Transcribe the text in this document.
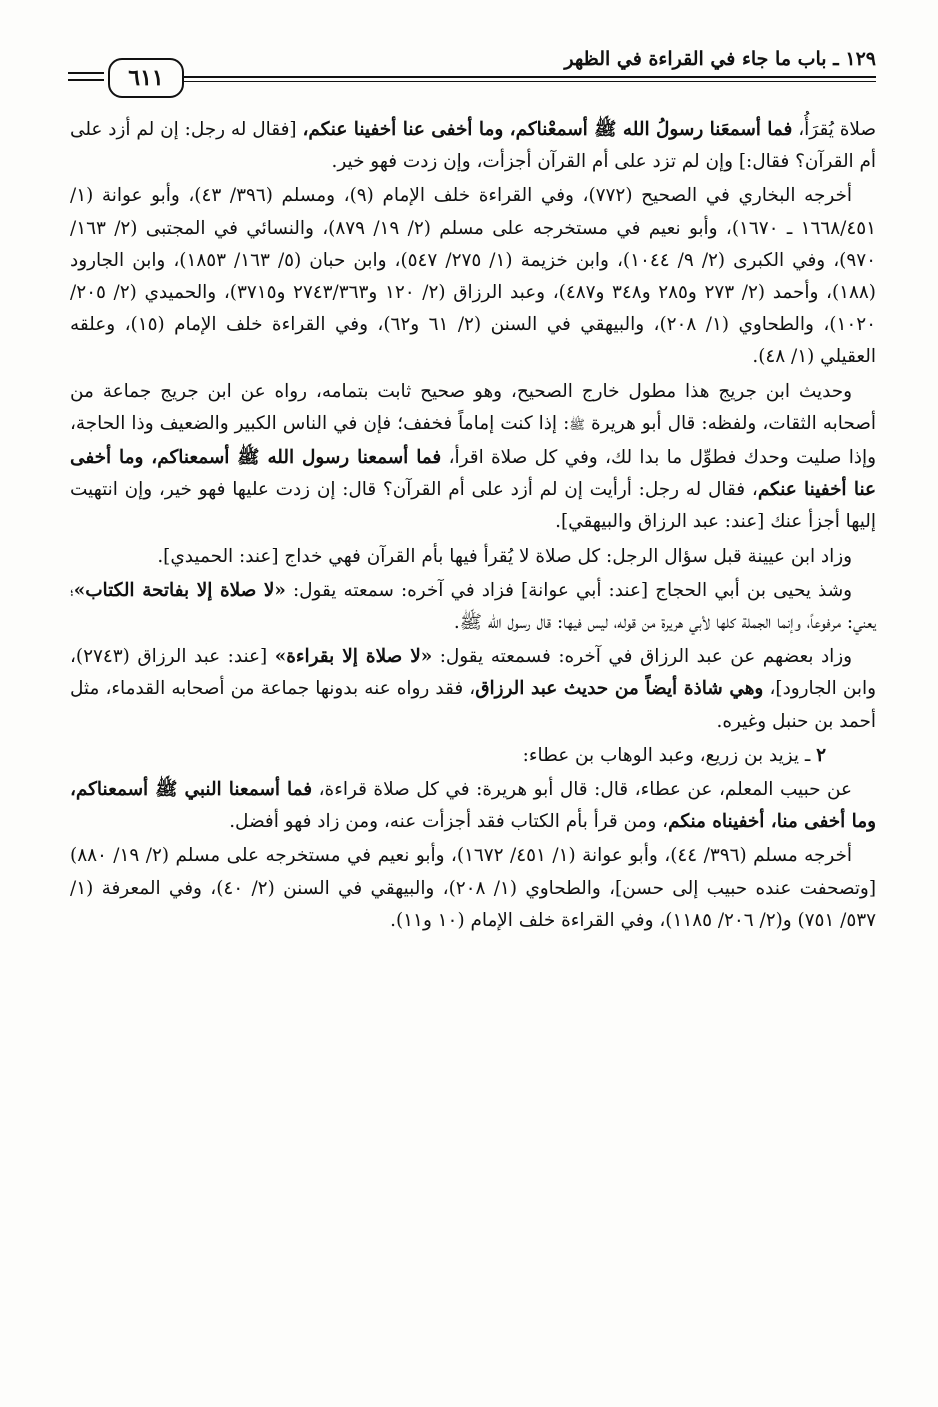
١٢٩ ـ باب ما جاء في القراءة في الظهر
٦١١

صلاة يُقرَأُ، فما أسمعَنا رسولُ الله ﷺ أسمعْناكم، وما أخفى عنا أخفينا عنكم، [فقال له رجل: إن لم أزد على أم القرآن؟ فقال:] وإن لم تزد على أم القرآن أجزأت، وإن زدت فهو خير.

أخرجه البخاري في الصحيح (٧٧٢)، وفي القراءة خلف الإمام (٩)، ومسلم (٣٩٦/ ٤٣)، وأبو عوانة (١/ ١٦٦٨/٤٥١ ـ ١٦٧٠)، وأبو نعيم في مستخرجه على مسلم (٢/ ١٩/ ٨٧٩)، والنسائي في المجتبى (٢/ ١٦٣/ ٩٧٠)، وفي الكبرى (٢/ ٩/ ١٠٤٤)، وابن خزيمة (١/ ٢٧٥/ ٥٤٧)، وابن حبان (٥/ ١٦٣/ ١٨٥٣)، وابن الجارود (١٨٨)، وأحمد (٢/ ٢٧٣ و٢٨٥ و٣٤٨ و٤٨٧)، وعبد الرزاق (٢/ ١٢٠ و٢٧٤٣/٣٦٣ و٣٧١٥)، والحميدي (٢/ ٢٠٥/ ١٠٢٠)، والطحاوي (١/ ٢٠٨)، والبيهقي في السنن (٢/ ٦١ و٦٢)، وفي القراءة خلف الإمام (١٥)، وعلقه العقيلي (١/ ٤٨).

وحديث ابن جريج هذا مطول خارج الصحيح، وهو صحيح ثابت بتمامه، رواه عن ابن جريج جماعة من أصحابه الثقات، ولفظه: قال أبو هريرة ﷺ: إذا كنت إماماً فخفف؛ فإن في الناس الكبير والضعيف وذا الحاجة، وإذا صليت وحدك فطوِّل ما بدا لك، وفي كل صلاة اقرأ، فما أسمعنا رسول الله ﷺ أسمعناكم، وما أخفى عنا أخفينا عنكم، فقال له رجل: أرأيت إن لم أزد على أم القرآن؟ قال: إن زدت عليها فهو خير، وإن انتهيت إليها أجزأ عنك [عند: عبد الرزاق والبيهقي].

وزاد ابن عيينة قبل سؤال الرجل: كل صلاة لا يُقرأ فيها بأم القرآن فهي خداج [عند: الحميدي].

وشذ يحيى بن أبي الحجاج [عند: أبي عوانة] فزاد في آخره: سمعته يقول: «لا صلاة إلا بفاتحة الكتاب»؛ يعني: مرفوعاً، وإنما الجملة كلها لأبي هريرة من قوله، ليس فيها: قال رسول الله ﷺ.

وزاد بعضهم عن عبد الرزاق في آخره: فسمعته يقول: «لا صلاة إلا بقراءة» [عند: عبد الرزاق (٢٧٤٣)، وابن الجارود]، وهي شاذة أيضاً من حديث عبد الرزاق، فقد رواه عنه بدونها جماعة من أصحابه القدماء، مثل أحمد بن حنبل وغيره.

٢ ـ يزيد بن زريع، وعبد الوهاب بن عطاء:

عن حبيب المعلم، عن عطاء، قال: قال أبو هريرة: في كل صلاة قراءة، فما أسمعنا النبي ﷺ أسمعناكم، وما أخفى منا، أخفيناه منكم، ومن قرأ بأم الكتاب فقد أجزأت عنه، ومن زاد فهو أفضل.

أخرجه مسلم (٣٩٦/ ٤٤)، وأبو عوانة (١/ ٤٥١/ ١٦٧٢)، وأبو نعيم في مستخرجه على مسلم (٢/ ١٩/ ٨٨٠) [وتصحفت عنده حبيب إلى حسن]، والطحاوي (١/ ٢٠٨)، والبيهقي في السنن (٢/ ٤٠)، وفي المعرفة (١/ ٥٣٧/ ٧٥١) و(٢/ ٢٠٦/ ١١٨٥)، وفي القراءة خلف الإمام (١٠ و١١).
